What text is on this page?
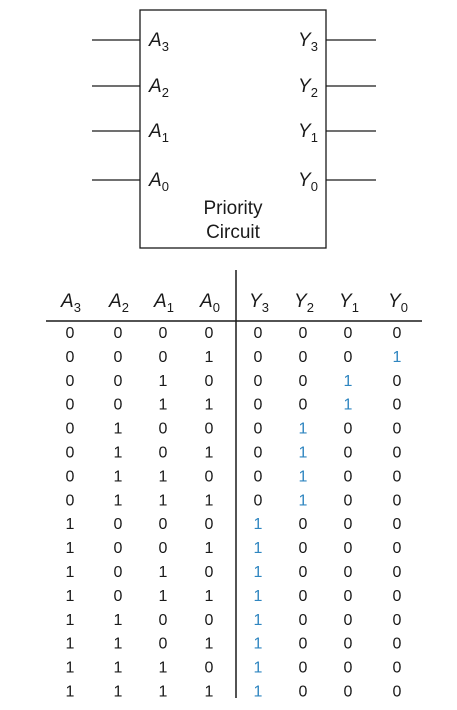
$A_3$
$A_2$
$A_1$
$A_0$
$Y_3$
$Y_2$
$Y_1$
$Y_0$
Priority
Circuit
$A_3$ $A_2$ $A_1$ $A_0$ $Y_3$ $Y_2$ $Y_1$ $Y_0$
0 0 0 0	0 0 0	0
0 0 0 1	0 0 0	1
0 0 1 0	0 0 1	0
0 0 1 1	0 0 1	0
0 1 0 0	0 1 0	0
0 1 0 1	0 1 0	0
0 1 1 0	0 1 0	0
0 1 1 1	0 1 0	0
1 0 0 0	1 0 0	0
1 0 0 1	1 0 0	0
1 0 1 0	1 0 0	0
1 0 1 1	1 0 0	0
1 1 0 0	1 0 0	0
1 1 0 1	1 0 0	0
1 1 1 0	1 0 0	0
1 1 1 1	1 0 0	0
